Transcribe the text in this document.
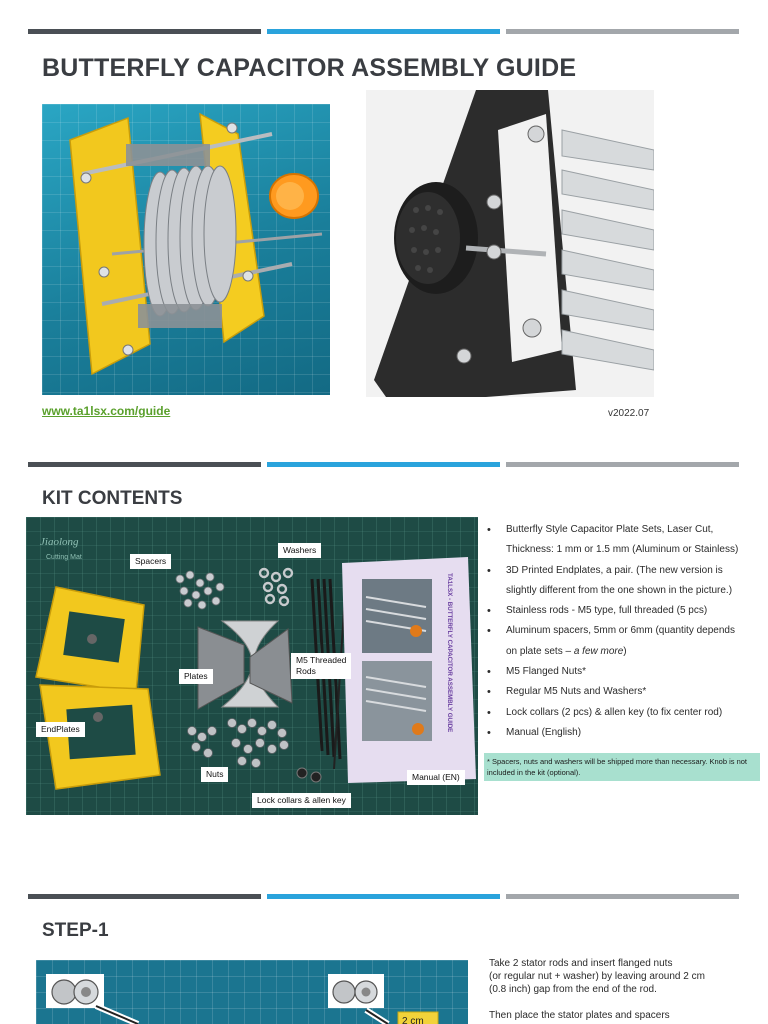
BUTTERFLY CAPACITOR ASSEMBLY GUIDE
www.ta1lsx.com/guide	v2022.07
KIT CONTENTS
Jiaolong
Cutting Mat
TA1LSX - BUTTERFLY CAPACITOR ASSEMBLY GUIDE
Spacers
Washers
Plates
M5 Threaded
Rods
EndPlates
Nuts
Lock collars & allen key
Manual (EN)
• Butterfly Style Capacitor Plate Sets, Laser Cut,
Thickness: 1 mm or 1.5 mm (Aluminum or Stainless)
• 3D Printed Endplates, a pair. (The new version is
slightly different from the one shown in the picture.)
• Stainless rods - M5 type, full threaded (5 pcs)
• Aluminum spacers, 5mm or 6mm (quantity depends
on plate sets – a few more)
• M5 Flanged Nuts*
• Regular M5 Nuts and Washers*
• Lock collars (2 pcs) & allen key (to fix center rod)
• Manual (English)
* Spacers, nuts and washers will be shipped more than necessary. Knob is not included in the kit (optional).
STEP-1
2 cm

Take 2 stator rods and insert flanged nuts

(or regular nut + washer) by leaving around 2 cm

(0.8 inch) gap from the end of the rod.

Then place the stator plates and spacers
